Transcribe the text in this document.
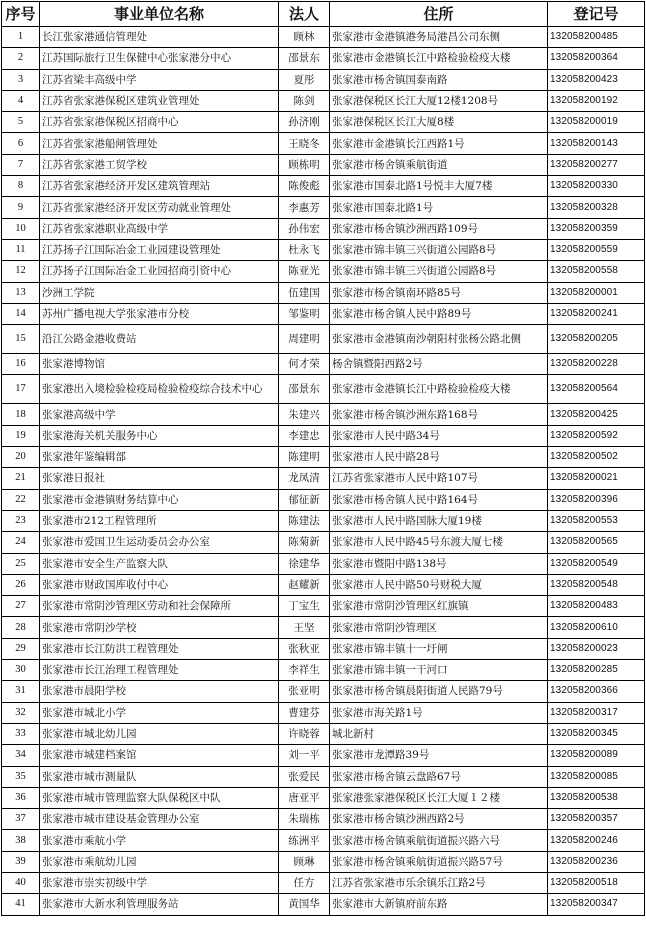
序号	事业单位名称	法人	住所	登记号
1	长江张家港通信管理处	顾林	张家港市金港镇港务局港昌公司东侧	132058200485
2	江苏国际旅行卫生保健中心张家港分中心	邵景东	张家港市金港镇长江中路检验检疫大楼	132058200364
3	江苏省梁丰高级中学	夏彤	张家港市杨舍镇国泰南路	132058200423
4	江苏省张家港保税区建筑业管理处	陈剑	张家港保税区长江大厦12楼1208号	132058200192
5	江苏省张家港保税区招商中心	孙济刚	张家港保税区长江大厦8楼	132058200019
6	江苏省张家港船闸管理处	王晓冬	张家港市金港镇长江西路1号	132058200143
7	江苏省张家港工贸学校	顾栋明	张家港市杨舍镇乘航街道	132058200277
8	江苏省张家港经济开发区建筑管理站	陈俊彪	张家港市国泰北路1号悦丰大厦7楼	132058200330
9	江苏省张家港经济开发区劳动就业管理处	李惠芳	张家港市国泰北路1号	132058200328
10	江苏省张家港职业高级中学	孙伟宏	张家港市杨舍镇沙洲西路109号	132058200359
11	江苏扬子江国际冶金工业园建设管理处	杜永飞	张家港市锦丰镇三兴街道公园路8号	132058200559
12	江苏扬子江国际冶金工业园招商引资中心	陈亚光	张家港市锦丰镇三兴街道公园路8号	132058200558
13	沙洲工学院	伍建国	张家港市杨舍镇南环路85号	132058200001
14	苏州广播电视大学张家港市分校	邹鉴明	张家港市杨舍镇人民中路89号	132058200241
15	沿江公路金港收费站	周建明	张家港市金港镇南沙朝阳村张杨公路北侧	132058200205
16	张家港博物馆	何才荣	杨舍镇暨阳西路2号	132058200228
17	张家港出入境检验检疫局检验检疫综合技术中心	邵景东	张家港市金港镇长江中路检验检疫大楼	132058200564
18	张家港高级中学	朱建兴	张家港市杨舍镇沙洲东路168号	132058200425
19	张家港海关机关服务中心	李建忠	张家港市人民中路34号	132058200592
20	张家港年鉴编辑部	陈建明	张家港市人民中路28号	132058200502
21	张家港日报社	龙凤清	江苏省张家港市人民中路107号	132058200021
22	张家港市金港镇财务结算中心	郁征新	张家港市杨舍镇人民中路164号	132058200396
23	张家港市212工程管理所	陈建法	张家港市人民中路国脉大厦19楼	132058200553
24	张家港市爱国卫生运动委员会办公室	陈菊新	张家港市人民中路45号东渡大厦七楼	132058200565
25	张家港市安全生产监察大队	徐建华	张家港市暨阳中路138号	132058200549
26	张家港市财政国库收付中心	赵耀新	张家港市人民中路50号财税大厦	132058200548
27	张家港市常阴沙管理区劳动和社会保障所	丁宝生	张家港市常阴沙管理区红旗镇	132058200483
28	张家港市常阴沙学校	王坚	张家港市常阴沙管理区	132058200610
29	张家港市长江防洪工程管理处	张秋亚	张家港市锦丰镇十一圩闸	132058200023
30	张家港市长江治理工程管理处	李祥生	张家港市锦丰镇一干河口	132058200285
31	张家港市晨阳学校	张亚明	张家港市杨舍镇晨阳街道人民路79号	132058200366
32	张家港市城北小学	曹建芬	张家港市海关路1号	132058200317
33	张家港市城北幼儿园	许晓蓉	城北新村	132058200345
34	张家港市城建档案馆	刘一平	张家港市龙潭路39号	132058200089
35	张家港市城市测量队	张爱民	张家港市杨舍镇云盘路67号	132058200085
36	张家港市城市管理监察大队保税区中队	唐亚平	张家港张家港保税区长江大厦１２楼	132058200538
37	张家港市城市建设基金管理办公室	朱瑞栋	张家港市杨舍镇沙洲西路2号	132058200357
38	张家港市乘航小学	练洲平	张家港市杨舍镇乘航街道振兴路六号	132058200246
39	张家港市乘航幼儿园	顾琳	张家港市杨舍镇乘航街道振兴路57号	132058200236
40	张家港市崇实初级中学	任方	江苏省张家港市乐余镇乐江路2号	132058200518
41	张家港市大新水利管理服务站	黄国华	张家港市大新镇府前东路	132058200347
